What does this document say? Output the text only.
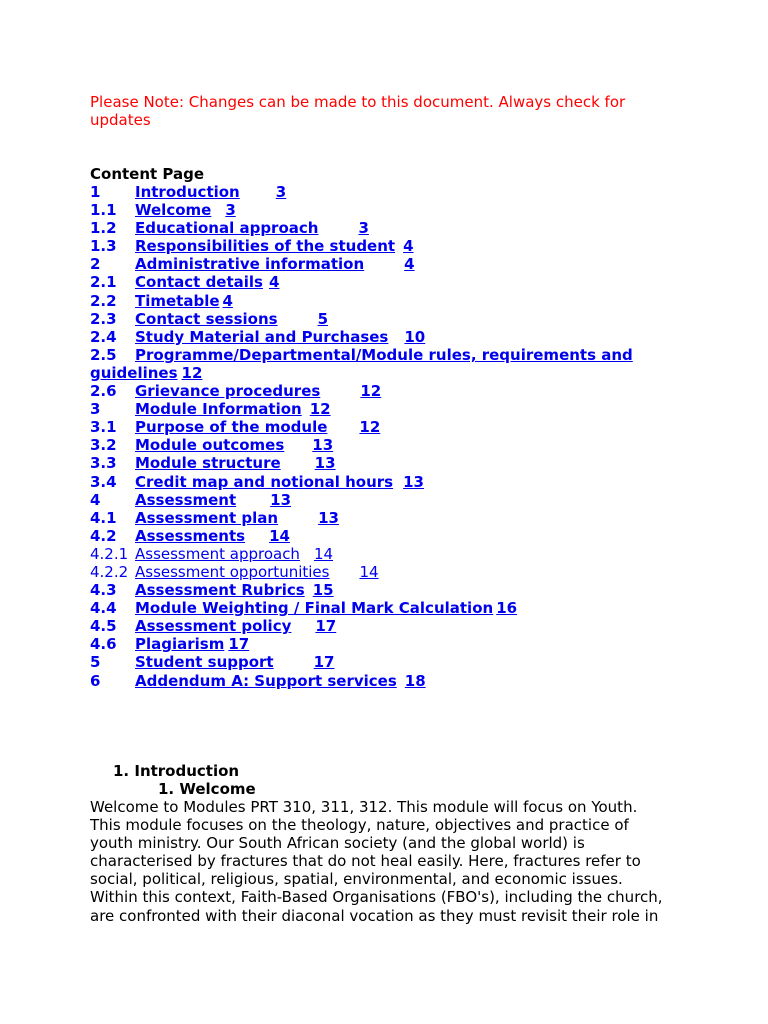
Please Note: Changes can be made to this document. Always check for updates
Content Page
1 Introduction 3
1.1 Welcome 3
1.2 Educational approach	3
1.3 Responsibilities of the student 4
2 Administrative information	4
2.1 Contact details 4
2.2 Timetable 4
2.3 Contact sessions	5
2.4 Study Material and Purchases 10
2.5 Programme/Departmental/Module rules, requirements and guidelines 12
2.6 Grievance procedures	12
3 Module Information 12
3.1 Purpose of the module 12
3.2 Module outcomes 13
3.3 Module structure 13
3.4 Credit map and notional hours 13
4 Assessment 13
4.1 Assessment plan	13
4.2 Assessments 14
4.2.1 Assessment approach 14
4.2.2 Assessment opportunities 14
4.3 Assessment Rubrics 15
4.4 Module Weighting / Final Mark Calculation 16
4.5 Assessment policy 17
4.6 Plagiarism 17
5 Student support	17
6 Addendum A: Support services 18
1. Introduction
1. Welcome
Welcome to Modules PRT 310, 311, 312. This module will focus on Youth. This module focuses on the theology, nature, objectives and practice of youth ministry. Our South African society (and the global world) is characterised by fractures that do not heal easily. Here, fractures refer to social, political, religious, spatial, environmental, and economic issues. Within this context, Faith-Based Organisations (FBO's), including the church, are confronted with their diaconal vocation as they must revisit their role in
